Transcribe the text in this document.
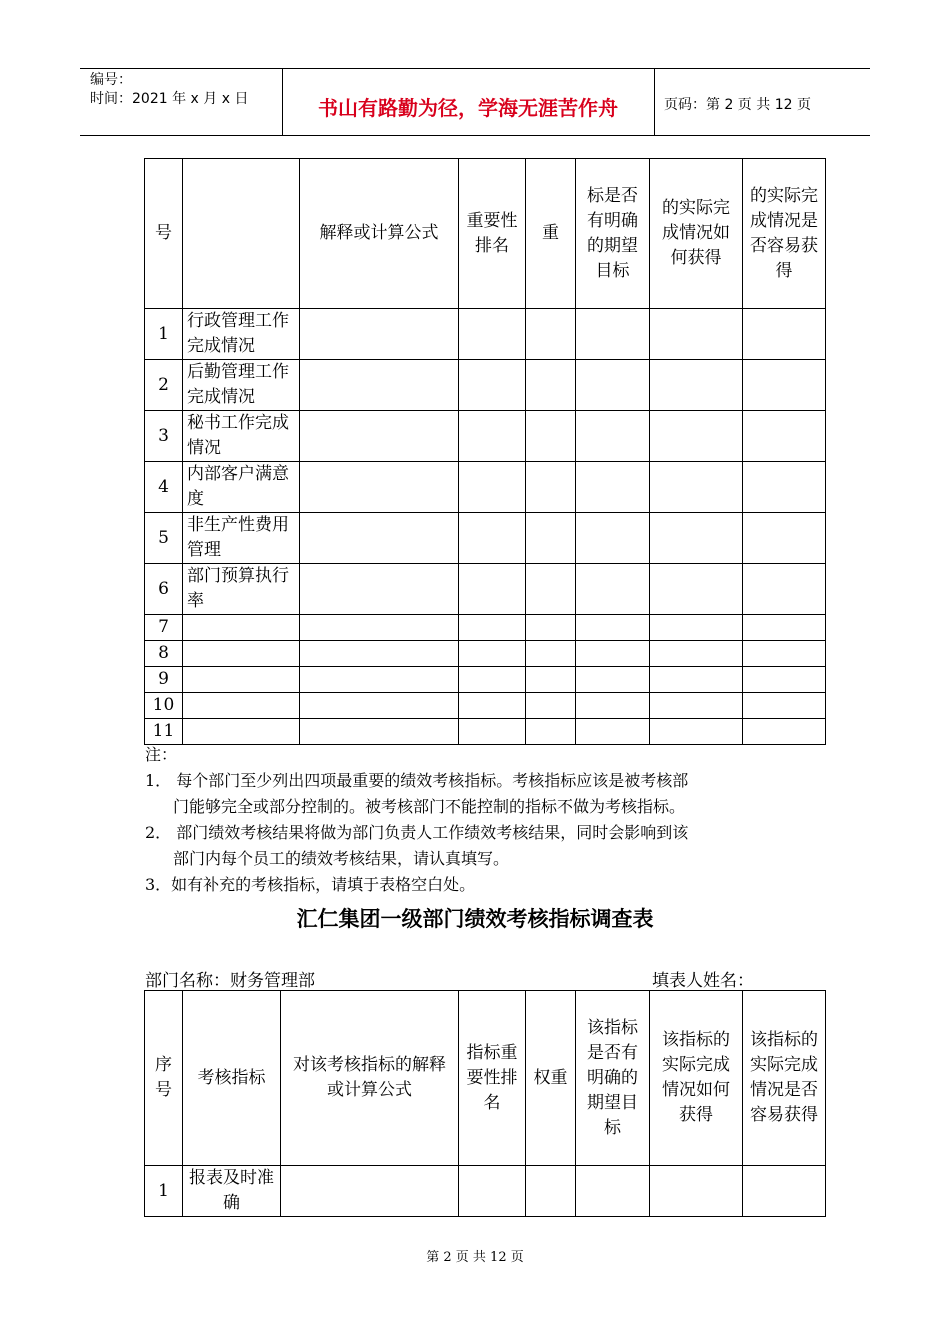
编号：
时间：2021 年 x 月 x 日	书山有路勤为径，学海无涯苦作舟	页码：第 2 页 共 12 页
号		解释或计算公式	重要性排名	重	标是否有明确的期望目标	的实际完成情况如何获得	的实际完成情况是否容易获得
1	行政管理工作完成情况						
2	后勤管理工作完成情况						
3	秘书工作完成情况						
4	内部客户满意度						
5	非生产性费用管理						
6	部门预算执行率						
7							
8							
9							
10							
11							
注：
1． 每个部门至少列出四项最重要的绩效考核指标。考核指标应该是被考核部
门能够完全或部分控制的。被考核部门不能控制的指标不做为考核指标。
2． 部门绩效考核结果将做为部门负责人工作绩效考核结果，同时会影响到该
部门内每个员工的绩效考核结果，请认真填写。
3．如有补充的考核指标，请填于表格空白处。
汇仁集团一级部门绩效考核指标调查表
部门名称：财务管理部	填表人姓名：
序号	考核指标	对该考核指标的解释或计算公式	指标重要性排名	权重	该指标是否有明确的期望目标	该指标的实际完成情况如何获得	该指标的实际完成情况是否容易获得
1	报表及时准确						
第 2 页 共 12 页
